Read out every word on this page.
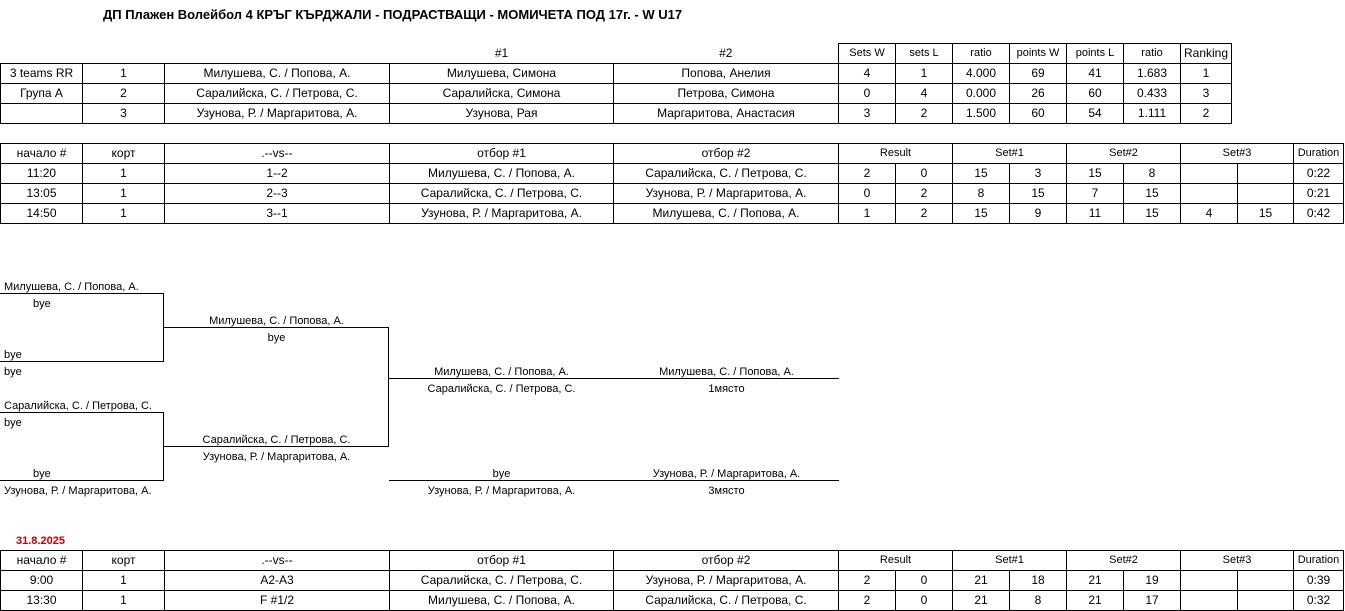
ДП Плажен Волейбол 4 КРЪГ КЪРДЖАЛИ - ПОДРАСТВАЩИ - МОМИЧЕТА ПОД 17г. - W U17
			#1	#2	Sets W	sets L	ratio	points W	points L	ratio	Ranking
3 teams RR	1	Милушева, С. / Попова, А.	Милушева, Симона	Попова, Анелия	4	1	4.000	69	41	1.683	1
Група А	2	Саралийска, С. / Петрова, С.	Саралийска, Симона	Петрова, Симона	0	4	0.000	26	60	0.433	3
	3	Узунова, Р. / Маргаритова, А.	Узунова, Рая	Маргаритова, Анастасия	3	2	1.500	60	54	1.111	2
начало #	корт	.--vs--	отбор #1	отбор #2	Result		Set#1		Set#2		Set#3		Duration
11:20	1	1--2	Милушева, С. / Попова, А.	Саралийска, С. / Петрова, С.	2	0	15	3	15	8			0:22
13:05	1	2--3	Саралийска, С. / Петрова, С.	Узунова, Р. / Маргаритова, А.	0	2	8	15	7	15			0:21
14:50	1	3--1	Узунова, Р. / Маргаритова, А.	Милушева, С. / Попова, А.	1	2	15	9	11	15	4	15	0:42
Милушева, С. / Попова, А.
bye
bye
bye
Саралийска, С. / Петрова, С.
bye
bye
Узунова, Р. / Маргаритова, А.
Милушева, С. / Попова, А.
bye
Саралийска, С. / Петрова, С.
Узунова, Р. / Маргаритова, А.
Милушева, С. / Попова, А.
Саралийска, С. / Петрова, С.
Милушева, С. / Попова, А.
1място
bye
Узунова, Р. / Маргаритова, А.
Узунова, Р. / Маргаритова, А.
3място
31.8.2025
начало #	корт	.--vs--	отбор #1	отбор #2	Result		Set#1		Set#2		Set#3		Duration
9:00	1	A2-A3	Саралийска, С. / Петрова, С.	Узунова, Р. / Маргаритова, А.	2	0	21	18	21	19			0:39
13:30	1	F #1/2	Милушева, С. / Попова, А.	Саралийска, С. / Петрова, С.	2	0	21	8	21	17			0:32
